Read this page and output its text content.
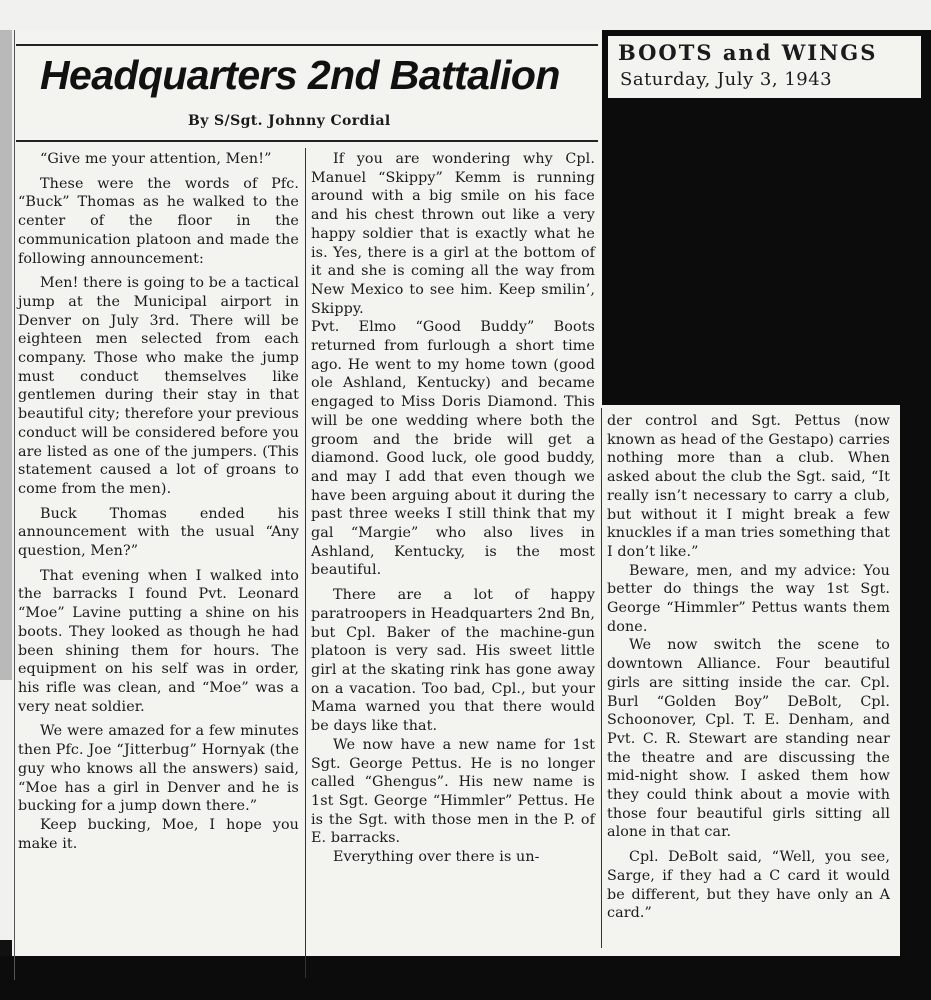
BOOTS and WINGS
Saturday, July 3, 1943
Headquarters 2nd Battalion
By S/Sgt. Johnny Cordial

“Give me your attention, Men!”

These were the words of Pfc. “Buck” Thomas as he walked to the center of the floor in the communication platoon and made the following announcement:

Men! there is going to be a tactical jump at the Municipal airport in Denver on July 3rd. There will be eighteen men selected from each company. Those who make the jump must conduct themselves like gentlemen during their stay in that beautiful city; therefore your previous conduct will be considered before you are listed as one of the jumpers. (This statement caused a lot of groans to come from the men).

Buck Thomas ended his announcement with the usual “Any question, Men?”

That evening when I walked into the barracks I found Pvt. Leonard “Moe” Lavine putting a shine on his boots. They looked as though he had been shining them for hours. The equipment on his self was in order, his rifle was clean, and “Moe” was a very neat soldier.

We were amazed for a few minutes then Pfc. Joe “Jitterbug” Hornyak (the guy who knows all the answers) said, “Moe has a girl in Denver and he is bucking for a jump down there.”

Keep bucking, Moe, I hope you make it.

If you are wondering why Cpl. Manuel “Skippy” Kemm is running around with a big smile on his face and his chest thrown out like a very happy soldier that is exactly what he is. Yes, there is a girl at the bottom of it and she is coming all the way from New Mexico to see him. Keep smilin’, Skippy.

Pvt. Elmo “Good Buddy” Boots returned from furlough a short time ago. He went to my home town (good ole Ashland, Kentucky) and became engaged to Miss Doris Diamond. This will be one wedding where both the groom and the bride will get a diamond. Good luck, ole good buddy, and may I add that even though we have been arguing about it during the past three weeks I still think that my gal “Margie” who also lives in Ashland, Kentucky, is the most beautiful.

There are a lot of happy paratroopers in Headquarters 2nd Bn, but Cpl. Baker of the machine-gun platoon is very sad. His sweet little girl at the skating rink has gone away on a vacation. Too bad, Cpl., but your Mama warned you that there would be days like that.

We now have a new name for 1st Sgt. George Pettus. He is no longer called “Ghengus”. His new name is 1st Sgt. George “Himmler” Pettus. He is the Sgt. with those men in the P. of E. barracks.

Everything over there is un-

der control and Sgt. Pettus (now known as head of the Gestapo) carries nothing more than a club. When asked about the club the Sgt. said, “It really isn’t necessary to carry a club, but without it I might break a few knuckles if a man tries something that I don’t like.”

Beware, men, and my advice: You better do things the way 1st Sgt. George “Himmler” Pettus wants them done.

We now switch the scene to downtown Alliance. Four beautiful girls are sitting inside the car. Cpl. Burl “Golden Boy” DeBolt, Cpl. Schoonover, Cpl. T. E. Denham, and Pvt. C. R. Stewart are standing near the theatre and are discussing the mid-night show. I asked them how they could think about a movie with those four beautiful girls sitting all alone in that car.

Cpl. DeBolt said, “Well, you see, Sarge, if they had a C card it would be different, but they have only an A card.”
